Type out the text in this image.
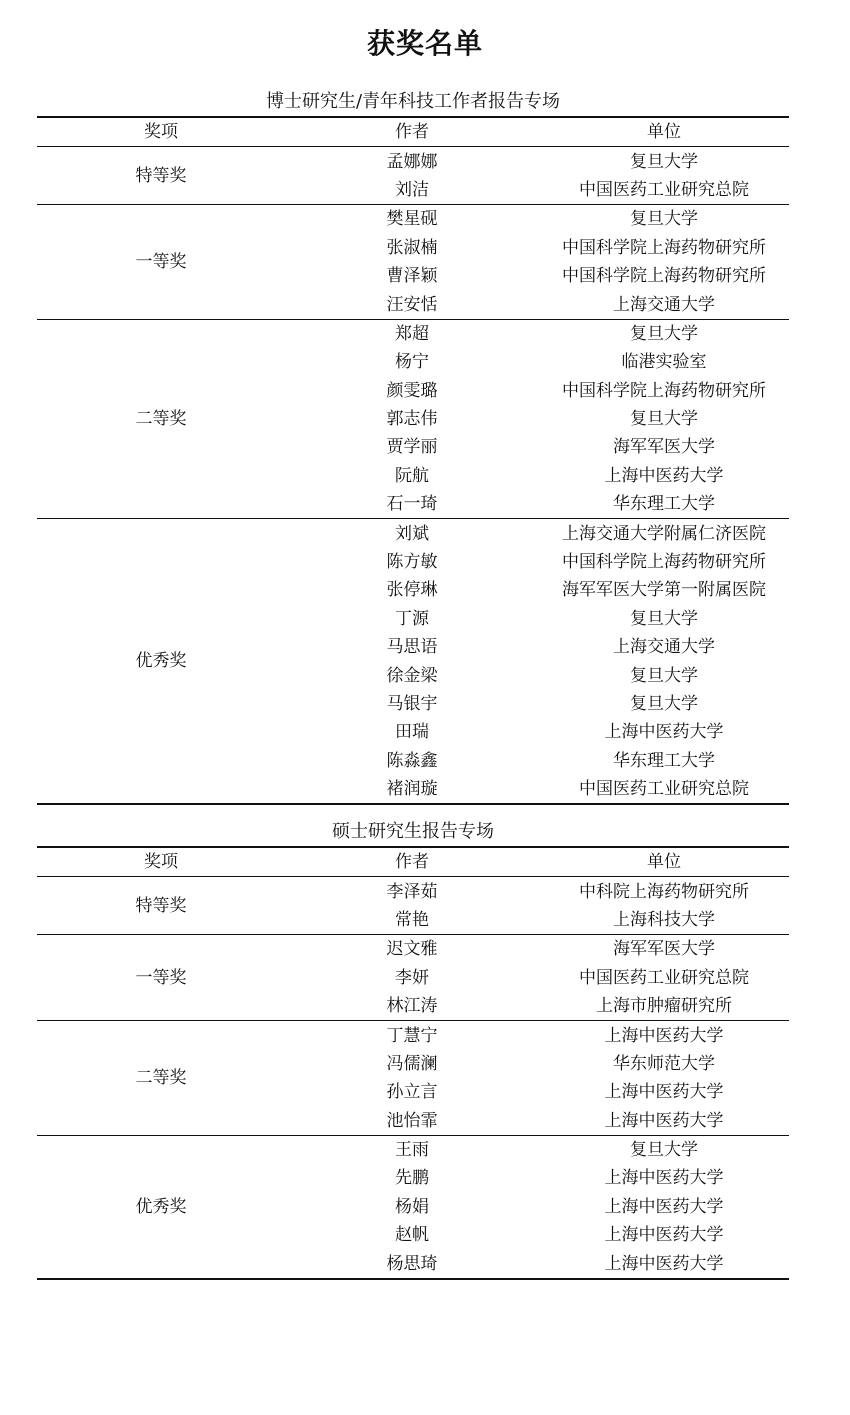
获奖名单
博士研究生/青年科技工作者报告专场
奖项	作者	单位
特等奖	孟娜娜	复旦大学
	刘洁	中国医药工业研究总院
一等奖	樊星砚	复旦大学
	张淑楠	中国科学院上海药物研究所
	曹泽颖	中国科学院上海药物研究所
	汪安恬	上海交通大学
二等奖	郑超	复旦大学
	杨宁	临港实验室
	颜雯璐	中国科学院上海药物研究所
	郭志伟	复旦大学
	贾学丽	海军军医大学
	阮航	上海中医药大学
	石一琦	华东理工大学
优秀奖	刘斌	上海交通大学附属仁济医院
	陈方敏	中国科学院上海药物研究所
	张停琳	海军军医大学第一附属医院
	丁源	复旦大学
	马思语	上海交通大学
	徐金梁	复旦大学
	马银宇	复旦大学
	田瑞	上海中医药大学
	陈淼鑫	华东理工大学
	褚润璇	中国医药工业研究总院
硕士研究生报告专场
奖项	作者	单位
特等奖	李泽茹	中科院上海药物研究所
	常艳	上海科技大学
一等奖	迟文雅	海军军医大学
	李妍	中国医药工业研究总院
	林江涛	上海市肿瘤研究所
二等奖	丁慧宁	上海中医药大学
	冯儒澜	华东师范大学
	孙立言	上海中医药大学
	池怡霏	上海中医药大学
优秀奖	王雨	复旦大学
	先鹏	上海中医药大学
	杨娟	上海中医药大学
	赵帆	上海中医药大学
	杨思琦	上海中医药大学
